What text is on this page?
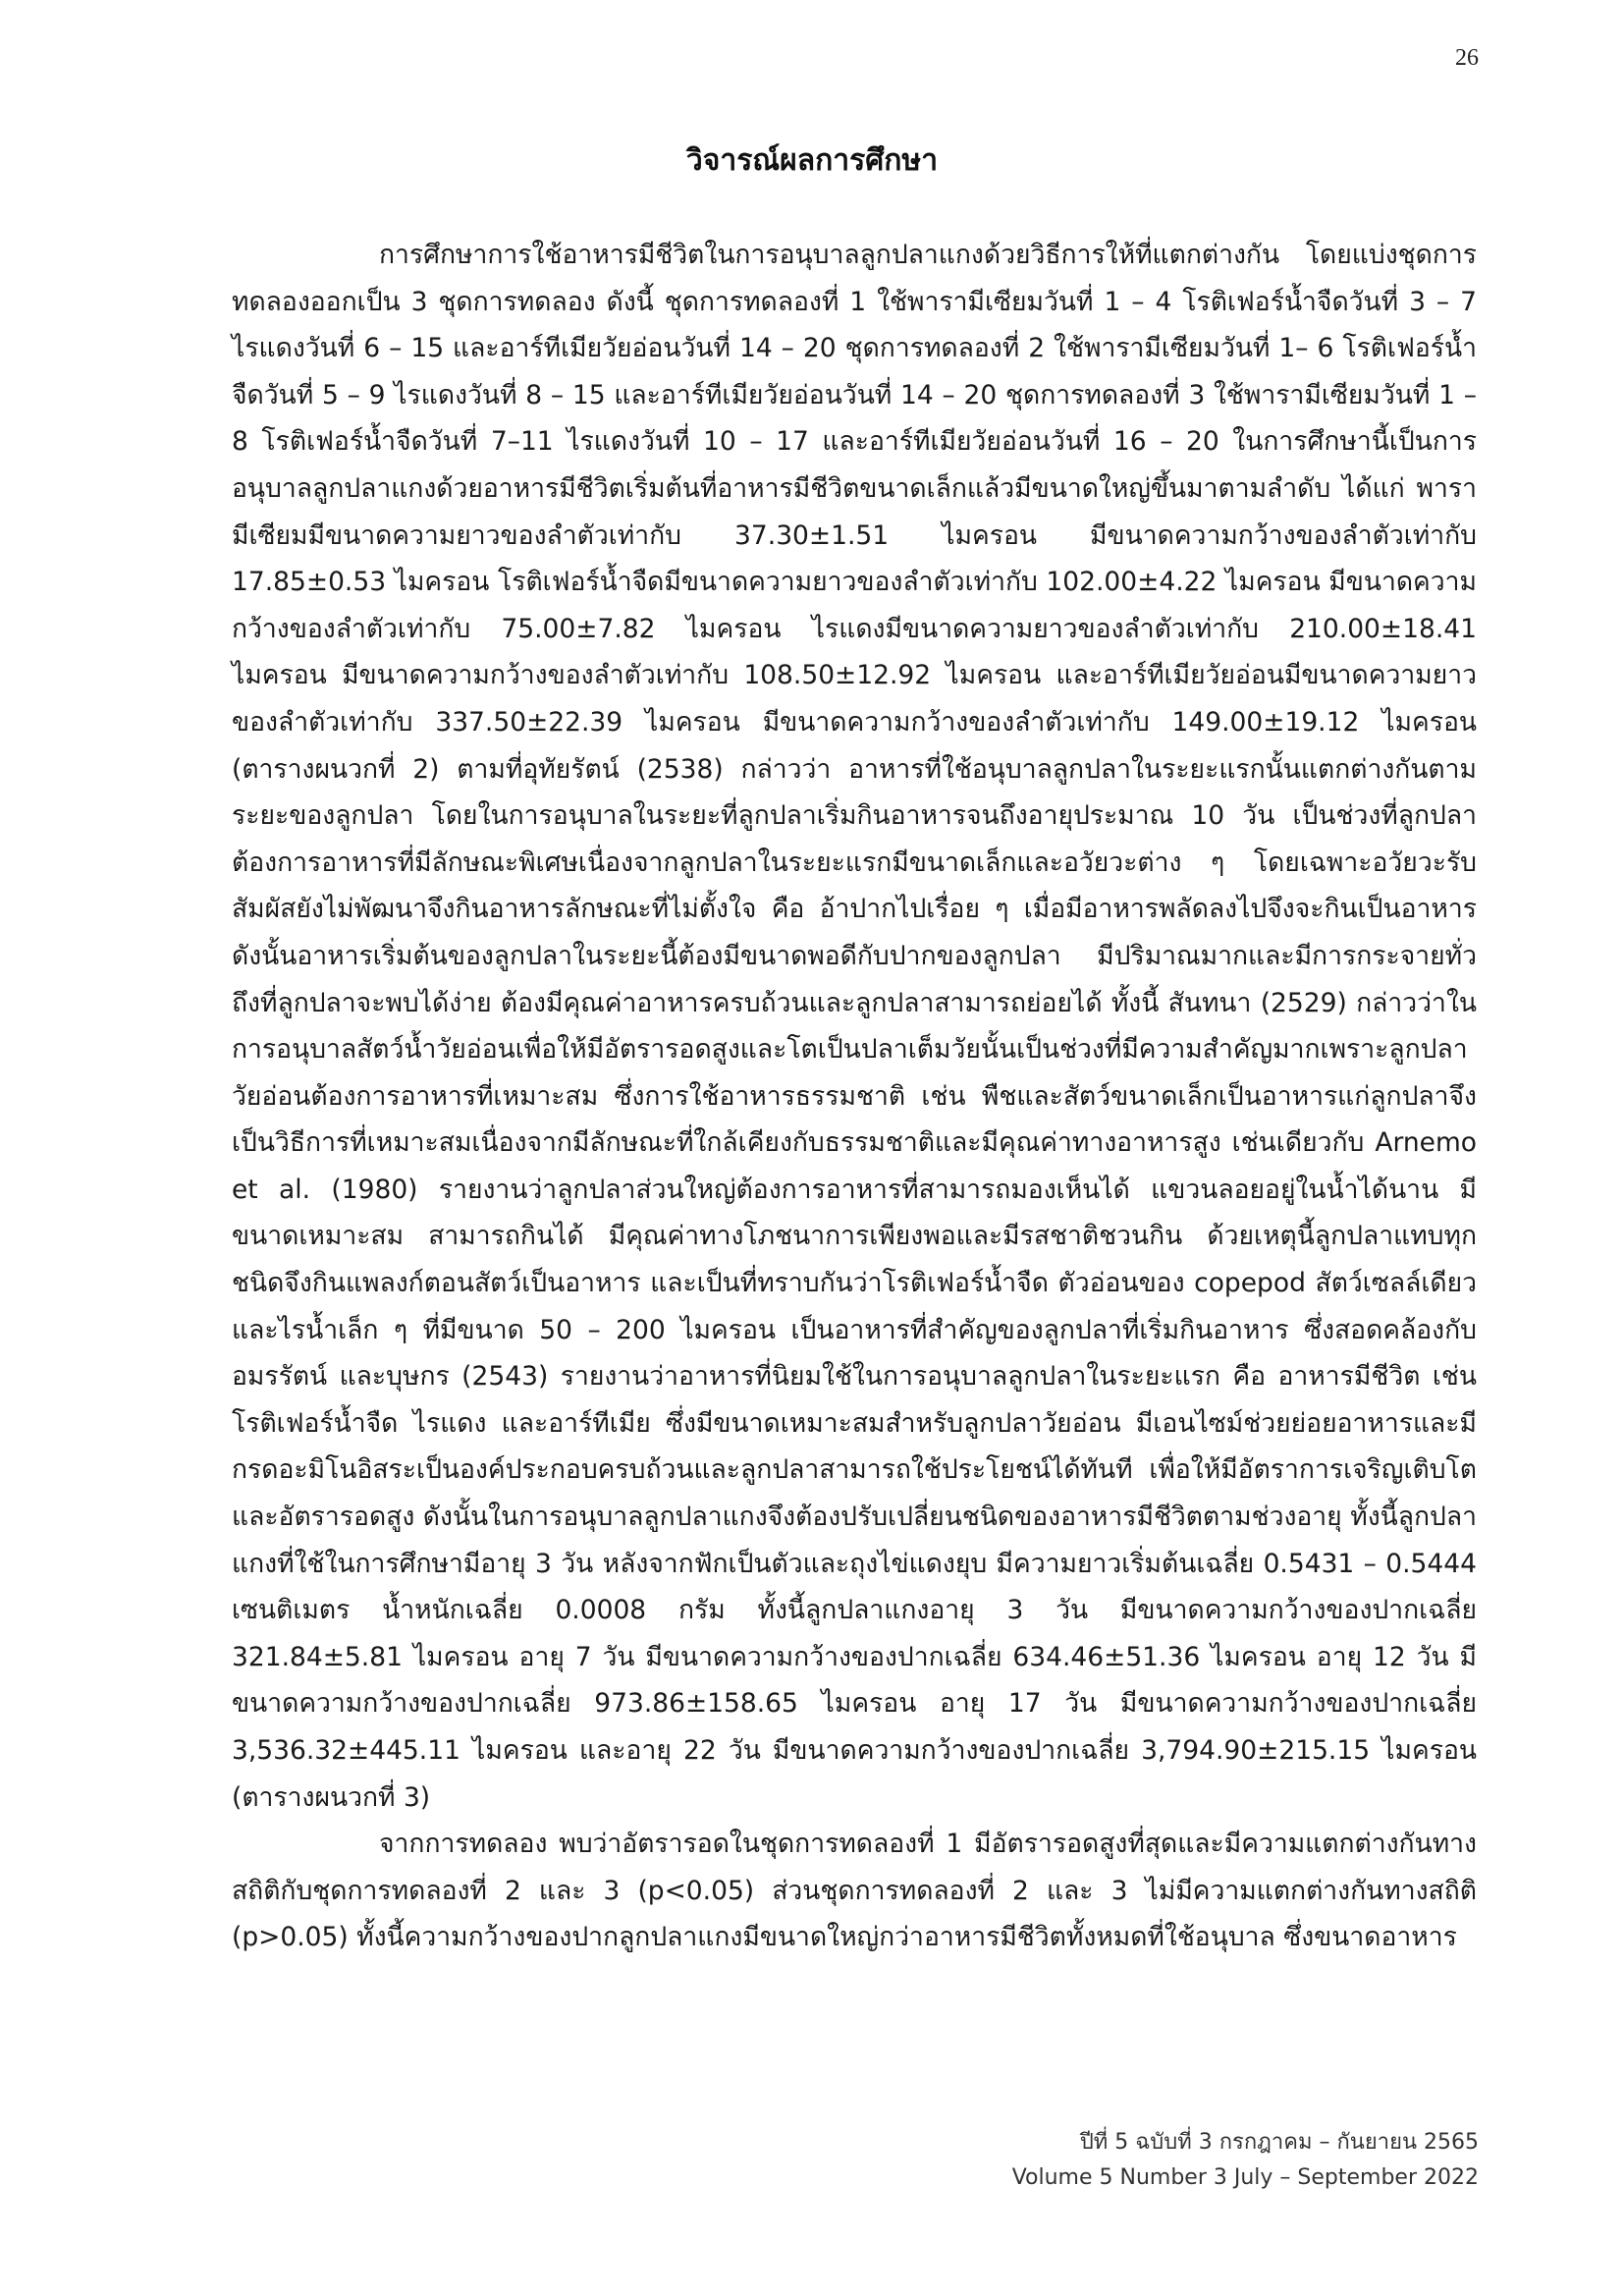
26
วิจารณ์ผลการศึกษา

การศึกษาการใช้อาหารมีชีวิตในการอนุบาลลูกปลาแกงด้วยวิธีการให้ที่แตกต่างกัน โดยแบ่งชุดการทดลองออกเป็น 3 ชุดการทดลอง ดังนี้ ชุดการทดลองที่ 1 ใช้พารามีเซียมวันที่ 1 – 4 โรติเฟอร์น้ำจืดวันที่ 3 – 7 ไรแดงวันที่ 6 – 15 และอาร์ทีเมียวัยอ่อนวันที่ 14 – 20 ชุดการทดลองที่ 2 ใช้พารามีเซียมวันที่ 1– 6 โรติเฟอร์น้ำจืดวันที่ 5 – 9 ไรแดงวันที่ 8 – 15 และอาร์ทีเมียวัยอ่อนวันที่ 14 – 20 ชุดการทดลองที่ 3 ใช้พารามีเซียมวันที่ 1 – 8 โรติเฟอร์น้ำจืดวันที่ 7–11 ไรแดงวันที่ 10 – 17 และอาร์ทีเมียวัยอ่อนวันที่ 16 – 20 ในการศึกษานี้เป็นการอนุบาลลูกปลาแกงด้วยอาหารมีชีวิตเริ่มต้นที่อาหารมีชีวิตขนาดเล็กแล้วมีขนาดใหญ่ขึ้นมาตามลำดับ ได้แก่ พารามีเซียมมีขนาดความยาวของลำตัวเท่ากับ 37.30±1.51 ไมครอน มีขนาดความกว้างของลำตัวเท่ากับ 17.85±0.53 ไมครอน โรติเฟอร์น้ำจืดมีขนาดความยาวของลำตัวเท่ากับ 102.00±4.22 ไมครอน มีขนาดความกว้างของลำตัวเท่ากับ 75.00±7.82 ไมครอน ไรแดงมีขนาดความยาวของลำตัวเท่ากับ 210.00±18.41 ไมครอน มีขนาดความกว้างของลำตัวเท่ากับ 108.50±12.92 ไมครอน และอาร์ทีเมียวัยอ่อนมีขนาดความยาวของลำตัวเท่ากับ 337.50±22.39 ไมครอน มีขนาดความกว้างของลำตัวเท่ากับ 149.00±19.12 ไมครอน (ตารางผนวกที่ 2) ตามที่อุทัยรัตน์ (2538) กล่าวว่า อาหารที่ใช้อนุบาลลูกปลาในระยะแรกนั้นแตกต่างกันตามระยะของลูกปลา โดยในการอนุบาลในระยะที่ลูกปลาเริ่มกินอาหารจนถึงอายุประมาณ 10 วัน เป็นช่วงที่ลูกปลาต้องการอาหารที่มีลักษณะพิเศษเนื่องจากลูกปลาในระยะแรกมีขนาดเล็กและอวัยวะต่าง ๆ โดยเฉพาะอวัยวะรับสัมผัสยังไม่พัฒนาจึงกินอาหารลักษณะที่ไม่ตั้งใจ คือ อ้าปากไปเรื่อย ๆ เมื่อมีอาหารพลัดลงไปจึงจะกินเป็นอาหาร ดังนั้นอาหารเริ่มต้นของลูกปลาในระยะนี้ต้องมีขนาดพอดีกับปากของลูกปลา มีปริมาณมากและมีการกระจายทั่วถึงที่ลูกปลาจะพบได้ง่าย ต้องมีคุณค่าอาหารครบถ้วนและลูกปลาสามารถย่อยได้ ทั้งนี้ สันทนา (2529) กล่าวว่าในการอนุบาลสัตว์น้ำวัยอ่อนเพื่อให้มีอัตรารอดสูงและโตเป็นปลาเต็มวัยนั้นเป็นช่วงที่มีความสำคัญมากเพราะลูกปลาวัยอ่อนต้องการอาหารที่เหมาะสม ซึ่งการใช้อาหารธรรมชาติ เช่น พืชและสัตว์ขนาดเล็กเป็นอาหารแก่ลูกปลาจึงเป็นวิธีการที่เหมาะสมเนื่องจากมีลักษณะที่ใกล้เคียงกับธรรมชาติและมีคุณค่าทางอาหารสูง เช่นเดียวกับ Arnemo et al. (1980) รายงานว่าลูกปลาส่วนใหญ่ต้องการอาหารที่สามารถมองเห็นได้ แขวนลอยอยู่ในน้ำได้นาน มีขนาดเหมาะสม สามารถกินได้ มีคุณค่าทางโภชนาการเพียงพอและมีรสชาติชวนกิน ด้วยเหตุนี้ลูกปลาแทบทุกชนิดจึงกินแพลงก์ตอนสัตว์เป็นอาหาร และเป็นที่ทราบกันว่าโรติเฟอร์น้ำจืด ตัวอ่อนของ copepod สัตว์เซลล์เดียวและไรน้ำเล็ก ๆ ที่มีขนาด 50 – 200 ไมครอน เป็นอาหารที่สำคัญของลูกปลาที่เริ่มกินอาหาร ซึ่งสอดคล้องกับอมรรัตน์ และบุษกร (2543) รายงานว่าอาหารที่นิยมใช้ในการอนุบาลลูกปลาในระยะแรก คือ อาหารมีชีวิต เช่น โรติเฟอร์น้ำจืด ไรแดง และอาร์ทีเมีย ซึ่งมีขนาดเหมาะสมสำหรับลูกปลาวัยอ่อน มีเอนไซม์ช่วยย่อยอาหารและมีกรดอะมิโนอิสระเป็นองค์ประกอบครบถ้วนและลูกปลาสามารถใช้ประโยชน์ได้ทันที เพื่อให้มีอัตราการเจริญเติบโตและอัตรารอดสูง ดังนั้นในการอนุบาลลูกปลาแกงจึงต้องปรับเปลี่ยนชนิดของอาหารมีชีวิตตามช่วงอายุ ทั้งนี้ลูกปลาแกงที่ใช้ในการศึกษามีอายุ 3 วัน หลังจากฟักเป็นตัวและถุงไข่แดงยุบ มีความยาวเริ่มต้นเฉลี่ย 0.5431 – 0.5444 เซนติเมตร น้ำหนักเฉลี่ย 0.0008 กรัม ทั้งนี้ลูกปลาแกงอายุ 3 วัน มีขนาดความกว้างของปากเฉลี่ย 321.84±5.81 ไมครอน อายุ 7 วัน มีขนาดความกว้างของปากเฉลี่ย 634.46±51.36 ไมครอน อายุ 12 วัน มีขนาดความกว้างของปากเฉลี่ย 973.86±158.65 ไมครอน อายุ 17 วัน มีขนาดความกว้างของปากเฉลี่ย 3,536.32±445.11 ไมครอน และอายุ 22 วัน มีขนาดความกว้างของปากเฉลี่ย 3,794.90±215.15 ไมครอน (ตารางผนวกที่ 3)

จากการทดลอง พบว่าอัตรารอดในชุดการทดลองที่ 1 มีอัตรารอดสูงที่สุดและมีความแตกต่างกันทางสถิติกับชุดการทดลองที่ 2 และ 3 (p<0.05) ส่วนชุดการทดลองที่ 2 และ 3 ไม่มีความแตกต่างกันทางสถิติ (p>0.05) ทั้งนี้ความกว้างของปากลูกปลาแกงมีขนาดใหญ่กว่าอาหารมีชีวิตทั้งหมดที่ใช้อนุบาล ซึ่งขนาดอาหาร

ปีที่ 5 ฉบับที่ 3 กรกฎาคม – กันยายน 2565
Volume 5 Number 3 July – September 2022
